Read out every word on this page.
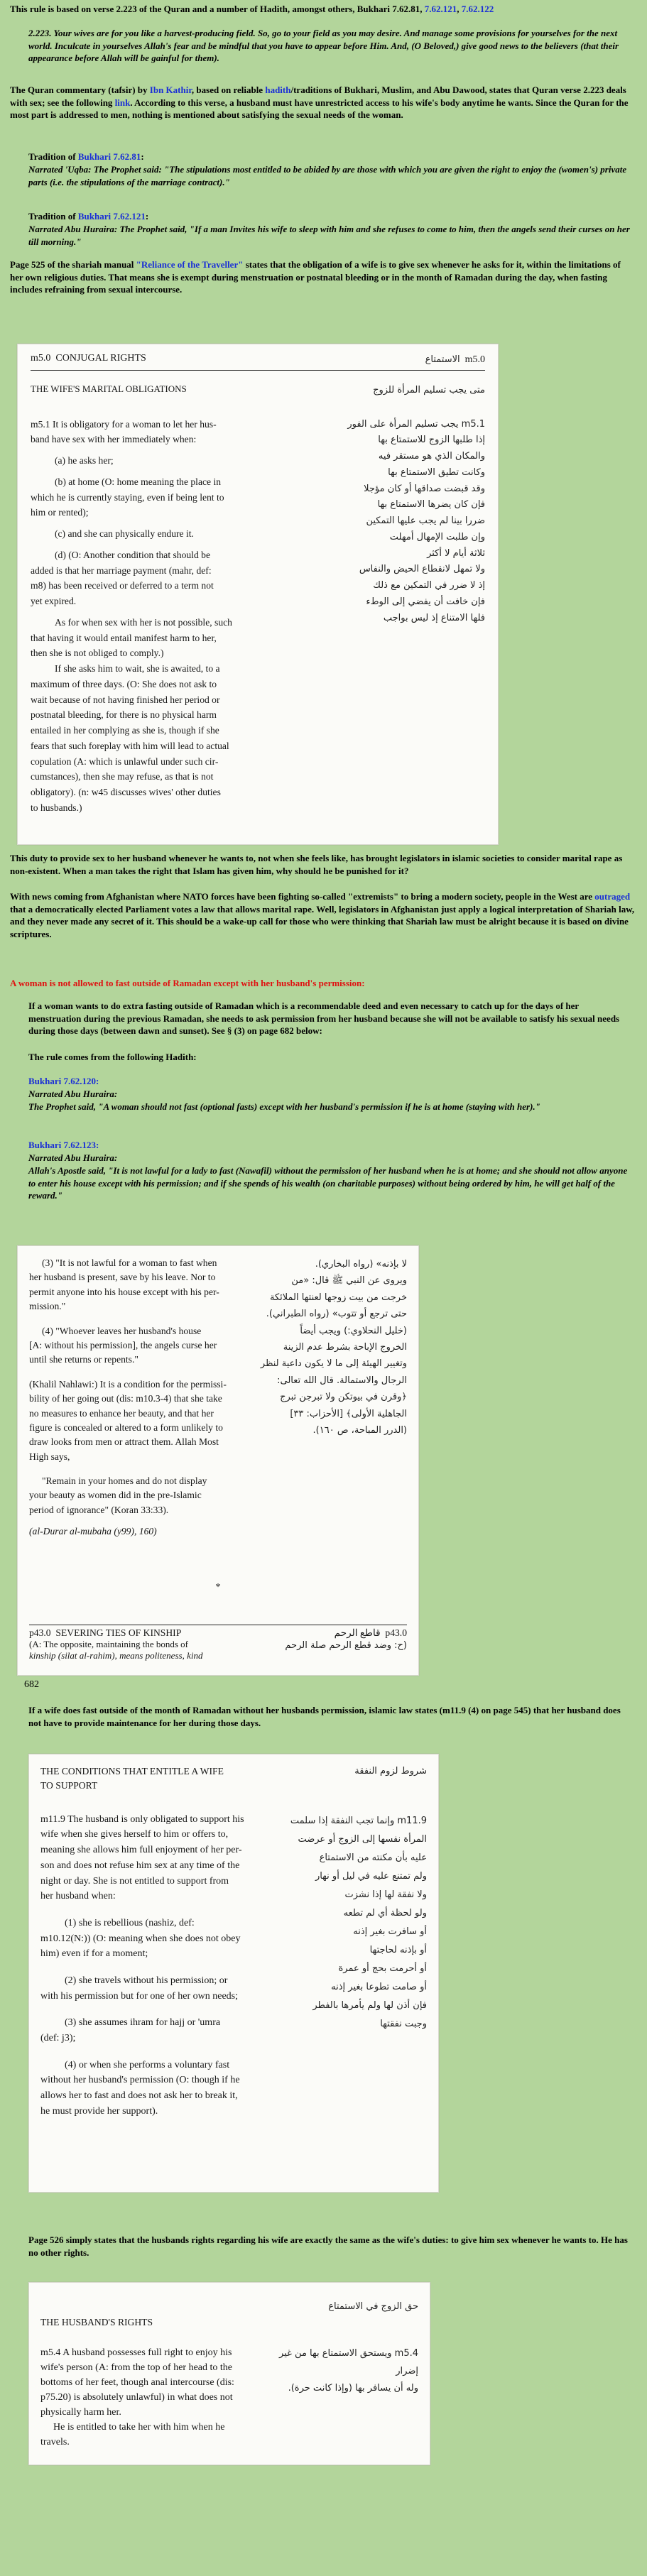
This rule is based on verse 2.223 of the Quran and a number of Hadith, amongst others, Bukhari 7.62.81, 7.62.121, 7.62.122

2.223. Your wives are for you like a harvest-producing field. So, go to your field as you may desire. And manage some provisions for yourselves for the next world. Inculcate in yourselves Allah's fear and be mindful that you have to appear before Him. And, (O Beloved,) give good news to the believers (that their appearance before Allah will be gainful for them).

The Quran commentary (tafsir) by Ibn Kathir, based on reliable hadith/traditions of Bukhari, Muslim, and Abu Dawood, states that Quran verse 2.223 deals with sex; see the following link. According to this verse, a husband must have unrestricted access to his wife's body anytime he wants. Since the Quran for the most part is addressed to men, nothing is mentioned about satisfying the sexual needs of the woman.

Tradition of Bukhari 7.62.81:

Narrated 'Uqba: The Prophet said: "The stipulations most entitled to be abided by are those with which you are given the right to enjoy the (women's) private parts (i.e. the stipulations of the marriage contract)."

Tradition of Bukhari 7.62.121:

Narrated Abu Huraira: The Prophet said, "If a man Invites his wife to sleep with him and she refuses to come to him, then the angels send their curses on her till morning."

Page 525 of the shariah manual "Reliance of the Traveller" states that the obligation of a wife is to give sex whenever he asks for it, within the limitations of her own religious duties. That means she is exempt during menstruation or postnatal bleeding or in the month of Ramadan during the day, when fasting includes refraining from sexual intercourse.

m5.0 CONJUGAL RIGHTS	الاستمتاع m5.0
THE WIFE'S MARITAL OBLIGATIONS	متى يجب تسليم المرأة للزوج
m5.1 It is obligatory for a woman to let her hus-
band have sex with her immediately when:
(a) he asks her;
(b) at home (O: home meaning the place in
which he is currently staying, even if being lent to
him or rented);
(c) and she can physically endure it.
(d) (O: Another condition that should be
added is that her marriage payment (mahr, def:
m8) has been received or deferred to a term not
yet expired.
As for when sex with her is not possible, such
that having it would entail manifest harm to her,
then she is not obliged to comply.)
If she asks him to wait, she is awaited, to a
maximum of three days. (O: She does not ask to
wait because of not having finished her period or
postnatal bleeding, for there is no physical harm
entailed in her complying as she is, though if she
fears that such foreplay with him will lead to actual
copulation (A: which is unlawful under such cir-
cumstances), then she may refuse, as that is not
obligatory). (n: w45 discusses wives' other duties
to husbands.)
m5.1 يجب تسليم المرأة على الفور
إذا طلبها الزوج للاستمتاع بها
والمكان الذي هو مستقر فيه
وكانت تطيق الاستمتاع بها
وقد قبضت صداقها أو كان مؤجلا
فإن كان يضرها الاستمتاع بها
ضررا بينا لم يجب عليها التمكين
وإن طلبت الإمهال أمهلت
ثلاثة أيام لا أكثر
ولا تمهل لانقطاع الحيض والنفاس
إذ لا ضرر في التمكين مع ذلك
فإن خافت أن يفضي إلى الوطء
فلها الامتناع إذ ليس بواجب

This duty to provide sex to her husband whenever he wants to, not when she feels like, has brought legislators in islamic societies to consider marital rape as non-existent. When a man takes the right that Islam has given him, why should he be punished for it?

With news coming from Afghanistan where NATO forces have been fighting so-called "extremists" to bring a modern society, people in the West are outraged that a democratically elected Parliament votes a law that allows marital rape. Well, legislators in Afghanistan just apply a logical interpretation of Shariah law, and they never made any secret of it. This should be a wake-up call for those who were thinking that Shariah law must be alright because it is based on divine scriptures.

A woman is not allowed to fast outside of Ramadan except with her husband's permission:

If a woman wants to do extra fasting outside of Ramadan which is a recommendable deed and even necessary to catch up for the days of her menstruation during the previous Ramadan, she needs to ask permission from her husband because she will not be available to satisfy his sexual needs during those days (between dawn and sunset). See § (3) on page 682 below:

The rule comes from the following Hadith:

Bukhari 7.62.120:

Narrated Abu Huraira:

The Prophet said, "A woman should not fast (optional fasts) except with her husband's permission if he is at home (staying with her)."

Bukhari 7.62.123:

Narrated Abu Huraira:

Allah's Apostle said, "It is not lawful for a lady to fast (Nawafil) without the permission of her husband when he is at home; and she should not allow anyone to enter his house except with his permission; and if she spends of his wealth (on charitable purposes) without being ordered by him, he will get half of the reward."

(3) "It is not lawful for a woman to fast when
her husband is present, save by his leave. Nor to
permit anyone into his house except with his per-
mission."
(4) "Whoever leaves her husband's house
[A: without his permission], the angels curse her
until she returns or repents."
(Khalil Nahlawi:) It is a condition for the permissi-
bility of her going out (dis: m10.3-4) that she take
no measures to enhance her beauty, and that her
figure is concealed or altered to a form unlikely to
draw looks from men or attract them. Allah Most
High says,
"Remain in your homes and do not display
your beauty as women did in the pre-Islamic
period of ignorance" (Koran 33:33).
(al-Durar al-mubaha (y99), 160)
لا بإذنه» (رواه البخاري).
ويروى عن النبي ﷺ قال: «من
خرجت من بيت زوجها لعنتها الملائكة
حتى ترجع أو تتوب» (رواه الطبراني).
(خليل النحلاوي:) ويجب أيضاً
الخروج الإباحة بشرط عدم الزينة
وتغيير الهيئة إلى ما لا يكون داعية لنظر
الرجال والاستمالة. قال الله تعالى:
﴿وقرن في بيوتكن ولا تبرجن تبرج
الجاهلية الأولى﴾ [الأحزاب: ٣٣]
(الدرر المباحة، ص ١٦٠).
*
p43.0 SEVERING TIES OF KINSHIP	قاطع الرحم p43.0
(A: The opposite, maintaining the bonds of
kinship (silat al-rahim), means politeness, kind
(ح: وضد قطع الرحم صلة الرحم

682

If a wife does fast outside of the month of Ramadan without her husbands permission, islamic law states (m11.9 (4) on page 545) that her husband does not have to provide maintenance for her during those days.

THE CONDITIONS THAT ENTITLE A WIFE
TO SUPPORT
شروط لزوم النفقة
m11.9 The husband is only obligated to support his
wife when she gives herself to him or offers to,
meaning she allows him full enjoyment of her per-
son and does not refuse him sex at any time of the
night or day. She is not entitled to support from
her husband when:
(1) she is rebellious (nashiz, def:
m10.12(N:)) (O: meaning when she does not obey
him) even if for a moment;
(2) she travels without his permission; or
with his permission but for one of her own needs;
(3) she assumes ihram for hajj or 'umra
(def: j3);
(4) or when she performs a voluntary fast
without her husband's permission (O: though if he
allows her to fast and does not ask her to break it,
he must provide her support).
m11.9 وإنما تجب النفقة إذا سلمت
المرأة نفسها إلى الزوج أو عرضت
عليه بأن مكنته من الاستمتاع
ولم تمتنع عليه في ليل أو نهار
ولا نفقة لها إذا نشزت
ولو لحظة أي لم تطعه
أو سافرت بغير إذنه
أو بإذنه لحاجتها
أو أحرمت بحج أو عمرة
أو صامت تطوعا بغير إذنه
فإن أذن لها ولم يأمرها بالفطر
وجبت نفقتها

Page 526 simply states that the husbands rights regarding his wife are exactly the same as the wife's duties: to give him sex whenever he wants to. He has no other rights.

THE HUSBAND'S RIGHTS
حق الزوج في الاستمتاع
m5.4 A husband possesses full right to enjoy his
wife's person (A: from the top of her head to the
bottoms of her feet, though anal intercourse (dis:
p75.20) is absolutely unlawful) in what does not
physically harm her.
He is entitled to take her with him when he
travels.
m5.4 ويستحق الاستمتاع بها من غير
إضرار
وله أن يسافر بها (وإذا كانت حرة).
